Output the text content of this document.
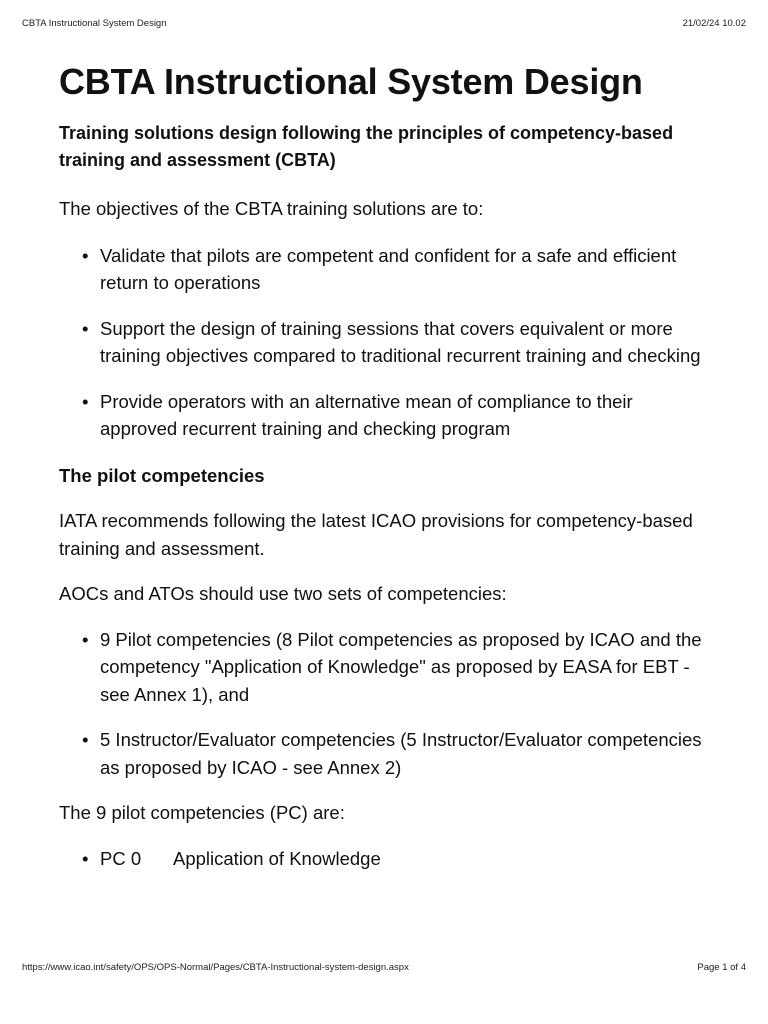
CBTA Instructional System Design	21/02/24 10.02
CBTA Instructional System Design

Training solutions design following the principles of competency-based training and assessment (CBTA)

The objectives of the CBTA training solutions are to:

• Validate that pilots are competent and confident for a safe and efficient return to operations
• Support the design of training sessions that covers equivalent or more training objectives compared to traditional recurrent training and checking
• Provide operators with an alternative mean of compliance to their approved recurrent training and checking program

The pilot competencies

IATA recommends following the latest ICAO provisions for competency-based training and assessment.

AOCs and ATOs should use two sets of competencies:

• 9 Pilot competencies (8 Pilot competencies as proposed by ICAO and the competency "Application of Knowledge" as proposed by EASA for EBT - see Annex 1), and
• 5 Instructor/Evaluator competencies (5 Instructor/Evaluator competencies as proposed by ICAO - see Annex 2)

The 9 pilot competencies (PC) are:

• PC 0 Application of Knowledge
https://www.icao.int/safety/OPS/OPS-Normal/Pages/CBTA-Instructional-system-design.aspx	Page 1 of 4
